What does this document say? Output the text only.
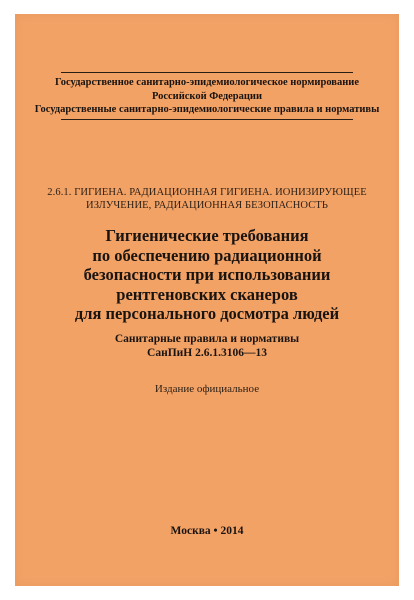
Государственное санитарно-эпидемиологическое нормирование
Российской Федерации
Государственные санитарно-эпидемиологические правила и нормативы
2.6.1. ГИГИЕНА. РАДИАЦИОННАЯ ГИГИЕНА. ИОНИЗИРУЮЩЕЕ
ИЗЛУЧЕНИЕ, РАДИАЦИОННАЯ БЕЗОПАСНОСТЬ
Гигиенические требования
по обеспечению радиационной
безопасности при использовании
рентгеновских сканеров
для персонального досмотра людей
Санитарные правила и нормативы
СанПиН 2.6.1.3106—13
Издание официальное
Москва • 2014
